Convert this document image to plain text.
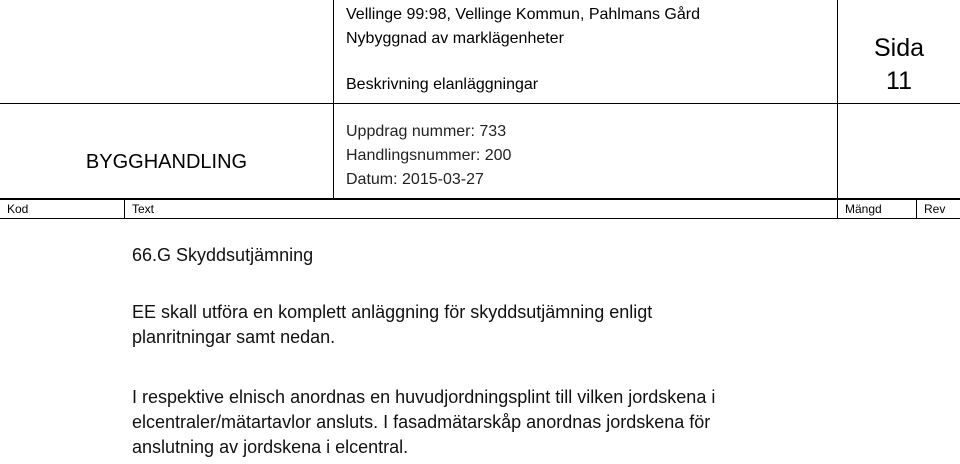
Vellinge 99:98, Vellinge Kommun, Pahlmans Gård
Nybyggnad av marklägenheter
Beskrivning elanläggningar
Sida
11
BYGGHANDLING
Uppdrag nummer: 733
Handlingsnummer: 200
Datum: 2015-03-27
Kod	Text	Mängd	Rev
66.G Skyddsutjämning
EE skall utföra en komplett anläggning för skyddsutjämning enligt
planritningar samt nedan.
I respektive elnisch anordnas en huvudjordningsplint till vilken jordskena i
elcentraler/mätartavlor ansluts. I fasadmätarskåp anordnas jordskena för
anslutning av jordskena i elcentral.
